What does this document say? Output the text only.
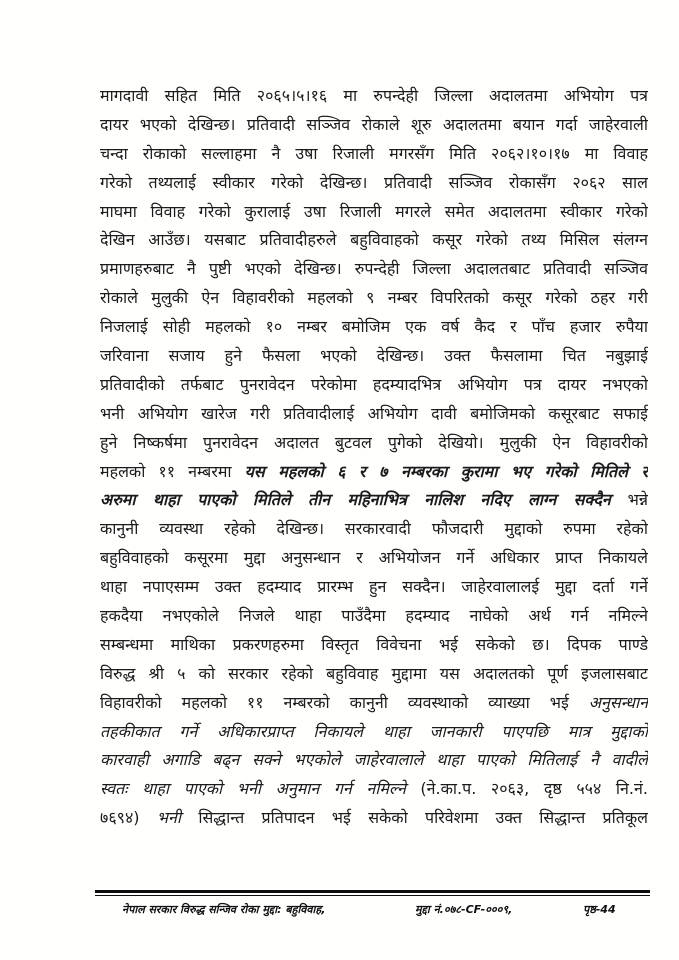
मागदावी सहित मिति २०६५।५।१६ मा रुपन्देही जिल्ला अदालतमा अभियोग पत्र
दायर भएको देखिन्छ। प्रतिवादी सञ्जिव रोकाले शूरु अदालतमा बयान गर्दा जाहेरवाली
चन्दा रोकाको सल्लाहमा नै उषा रिजाली मगरसँग मिति २०६२।१०।१७ मा विवाह
गरेको तथ्यलाई स्वीकार गरेको देखिन्छ। प्रतिवादी सञ्जिव रोकासँग २०६२ साल
माघमा विवाह गरेको कुरालाई उषा रिजाली मगरले समेत अदालतमा स्वीकार गरेको
देखिन आउँछ। यसबाट प्रतिवादीहरुले बहुविवाहको कसूर गरेको तथ्य मिसिल संलग्न
प्रमाणहरुबाट नै पुष्टी भएको देखिन्छ। रुपन्देही जिल्ला अदालतबाट प्रतिवादी सञ्जिव
रोकाले मुलुकी ऐन विहावरीको महलको ९ नम्बर विपरितको कसूर गरेको ठहर गरी
निजलाई सोही महलको १० नम्बर बमोजिम एक वर्ष कैद र पाँच हजार रुपैया
जरिवाना सजाय हुने फैसला भएको देखिन्छ। उक्त फैसलामा चित नबुझाई
प्रतिवादीको तर्फबाट पुनरावेदन परेकोमा हदम्यादभित्र अभियोग पत्र दायर नभएको
भनी अभियोग खारेज गरी प्रतिवादीलाई अभियोग दावी बमोजिमको कसूरबाट सफाई
हुने निष्कर्षमा पुनरावेदन अदालत बुटवल पुगेको देखियो। मुलुकी ऐन विहावरीको
महलको ११ नम्बरमा यस महलको ६ र ७ नम्बरका कुरामा भए गरेको मितिले र
अरुमा थाहा पाएको मितिले तीन महिनाभित्र नालिश नदिए लाग्न सक्दैन भन्ने
कानुनी व्यवस्था रहेको देखिन्छ। सरकारवादी फौजदारी मुद्दाको रुपमा रहेको
बहुविवाहको कसूरमा मुद्दा अनुसन्धान र अभियोजन गर्ने अधिकार प्राप्त निकायले
थाहा नपाएसम्म उक्त हदम्याद प्रारम्भ हुन सक्दैन। जाहेरवालालई मुद्दा दर्ता गर्ने
हकदैया नभएकोले निजले थाहा पाउँदैमा हदम्याद नाघेको अर्थ गर्न नमिल्ने
सम्बन्धमा माथिका प्रकरणहरुमा विस्तृत विवेचना भई सकेको छ। दिपक पाण्डे
विरुद्ध श्री ५ को सरकार रहेको बहुविवाह मुद्दामा यस अदालतको पूर्ण इजलासबाट
विहावरीको महलको ११ नम्बरको कानुनी व्यवस्थाको व्याख्या भई अनुसन्धान
तहकीकात गर्ने अधिकारप्राप्त निकायले थाहा जानकारी पाएपछि मात्र मुद्दाको
कारवाही अगाडि बढ्न सक्ने भएकोले जाहेरवालाले थाहा पाएको मितिलाई नै वादीले
स्वतः थाहा पाएको भनी अनुमान गर्न नमिल्ने (ने.का.प. २०६३, दृष्ठ ५५४ नि.नं.
७६९४) भनी सिद्धान्त प्रतिपादन भई सकेको परिवेशमा उक्त सिद्धान्त प्रतिकूल
नेपाल सरकार विरुद्ध सन्जिव रोका मुद्दा: बहुविवाह,	मुद्दा नं.०७८-CF-०००९,	पृष्ठ-44
